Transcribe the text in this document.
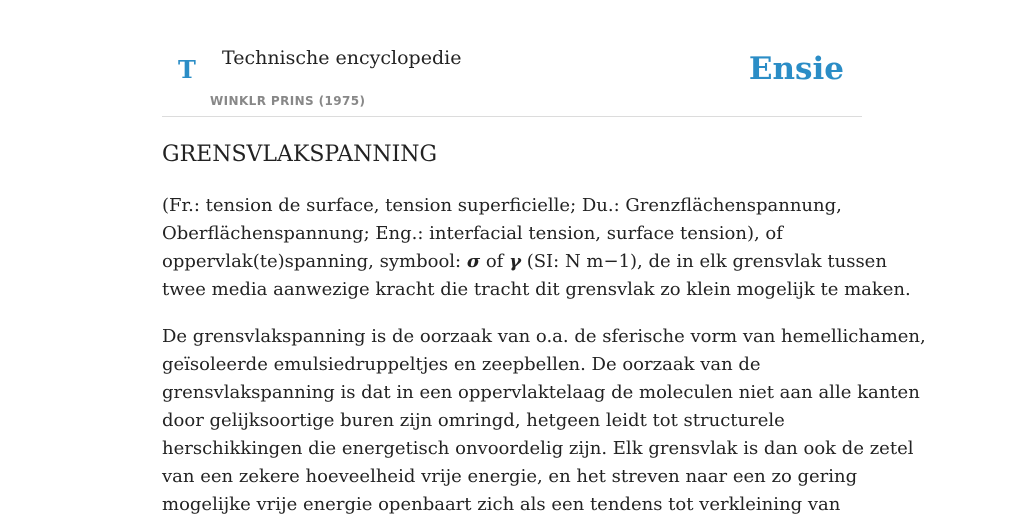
T Technische encyclopedie
WINKLR PRINS (1975)
Ensie
GRENSVLAKSPANNING

(Fr.: tension de surface, tension superficielle; Du.: Grenzflächenspannung,
Oberflächenspannung; Eng.: interfacial tension, surface tension), of
oppervlak(te)spanning, symbool: σ of γ (SI: N m−1), de in elk grensvlak tussen
twee media aanwezige kracht die tracht dit grensvlak zo klein mogelijk te maken.

De grensvlakspanning is de oorzaak van o.a. de sferische vorm van hemellichamen,
geïsoleerde emulsiedruppeltjes en zeepbellen. De oorzaak van de
grensvlakspanning is dat in een oppervlaktelaag de moleculen niet aan alle kanten
door gelijksoortige buren zijn omringd, hetgeen leidt tot structurele
herschikkingen die energetisch onvoordelig zijn. Elk grensvlak is dan ook de zetel
van een zekere hoeveelheid vrije energie, en het streven naar een zo gering
mogelijke vrije energie openbaart zich als een tendens tot verkleining van
